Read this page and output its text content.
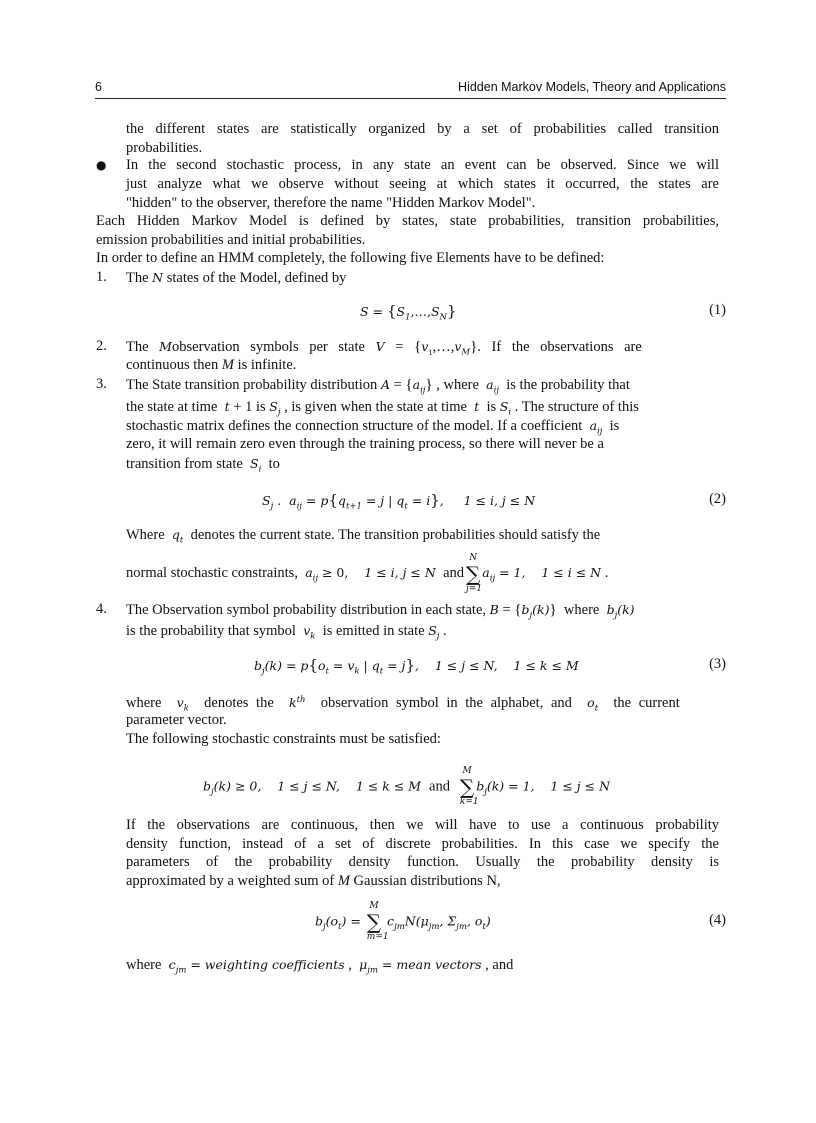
6	Hidden Markov Models, Theory and Applications
the different states are statistically organized by a set of probabilities called transition
probabilities.
● In the second stochastic process, in any state an event can be observed. Since we will
just analyze what we observe without seeing at which states it occurred, the states are
"hidden" to the observer, therefore the name "Hidden Markov Model".
Each Hidden Markov Model is defined by states, state probabilities, transition probabilities,
emission probabilities and initial probabilities.
In order to define an HMM completely, the following five Elements have to be defined:
1. The N states of the Model, defined by
$S = \{S_1,\dots,S_N\}$	(1)
2. The Mobservation symbols per state $V = \{v_1,\dots,v_M\}$. If the observations are
continuous then M is infinite.
3. The State transition probability distribution $A = \{a_{ij}\}$ , where  $a_{ij}$  is the probability that
the state at time  t + 1 is $S_j$ , is given when the state at time  t  is $S_i$ . The structure of this
stochastic matrix defines the connection structure of the model. If a coefficient  $a_{ij}$  is
zero, it will remain zero even through the training process, so there will never be a
transition from state  $S_i$  to
$S_j$ .  $a_{ij} = p\{q_{t+1} = j$ | $q_t = i$},     1 ≤ i, j ≤ N	(2)
Where $q_t$ denotes the current state. The transition probabilities should satisfy the
normal stochastic constraints, $a_{ij} \ge 0$,    1 ≤ i, j ≤ N and ∑
N
j=1
$a_{ij} = 1$,    1 ≤ i ≤ N .
4. The Observation symbol probability distribution in each state, $B = \{b_j(k)\}$  where  $b_j(k)$
is the probability that symbol  $v_k$  is emitted in state $S_j$ .
$b_j(k) = p\{o_t = v_k$ | $q_t = j$},    1 ≤ j ≤ N,    1 ≤ k ≤ M	(3)
where $v_k$ denotes the $k^{th}$ observation symbol in the alphabet, and $o_t$ the current
parameter vector.
The following stochastic constraints must be satisfied:
$b_j(k) \ge 0$,    1 ≤ j ≤ N,    1 ≤ k ≤ M  and ∑
M
k=1
$b_j(k) = 1$,    1 ≤ j ≤ N
If the observations are continuous, then we will have to use a continuous probability
density function, instead of a set of discrete probabilities. In this case we specify the
parameters of the probability density function. Usually the probability density is
approximated by a weighted sum of M Gaussian distributions N,
$b_j(o_t)$ = ∑
M
m=1
$c_{jm}N(\mu_{jm}$, $\Sigma_{jm}$, $o_t$)	(4)
where $c_{jm}$ = weighting coefficients ,  $\mu_{jm}$ = mean vectors , and
